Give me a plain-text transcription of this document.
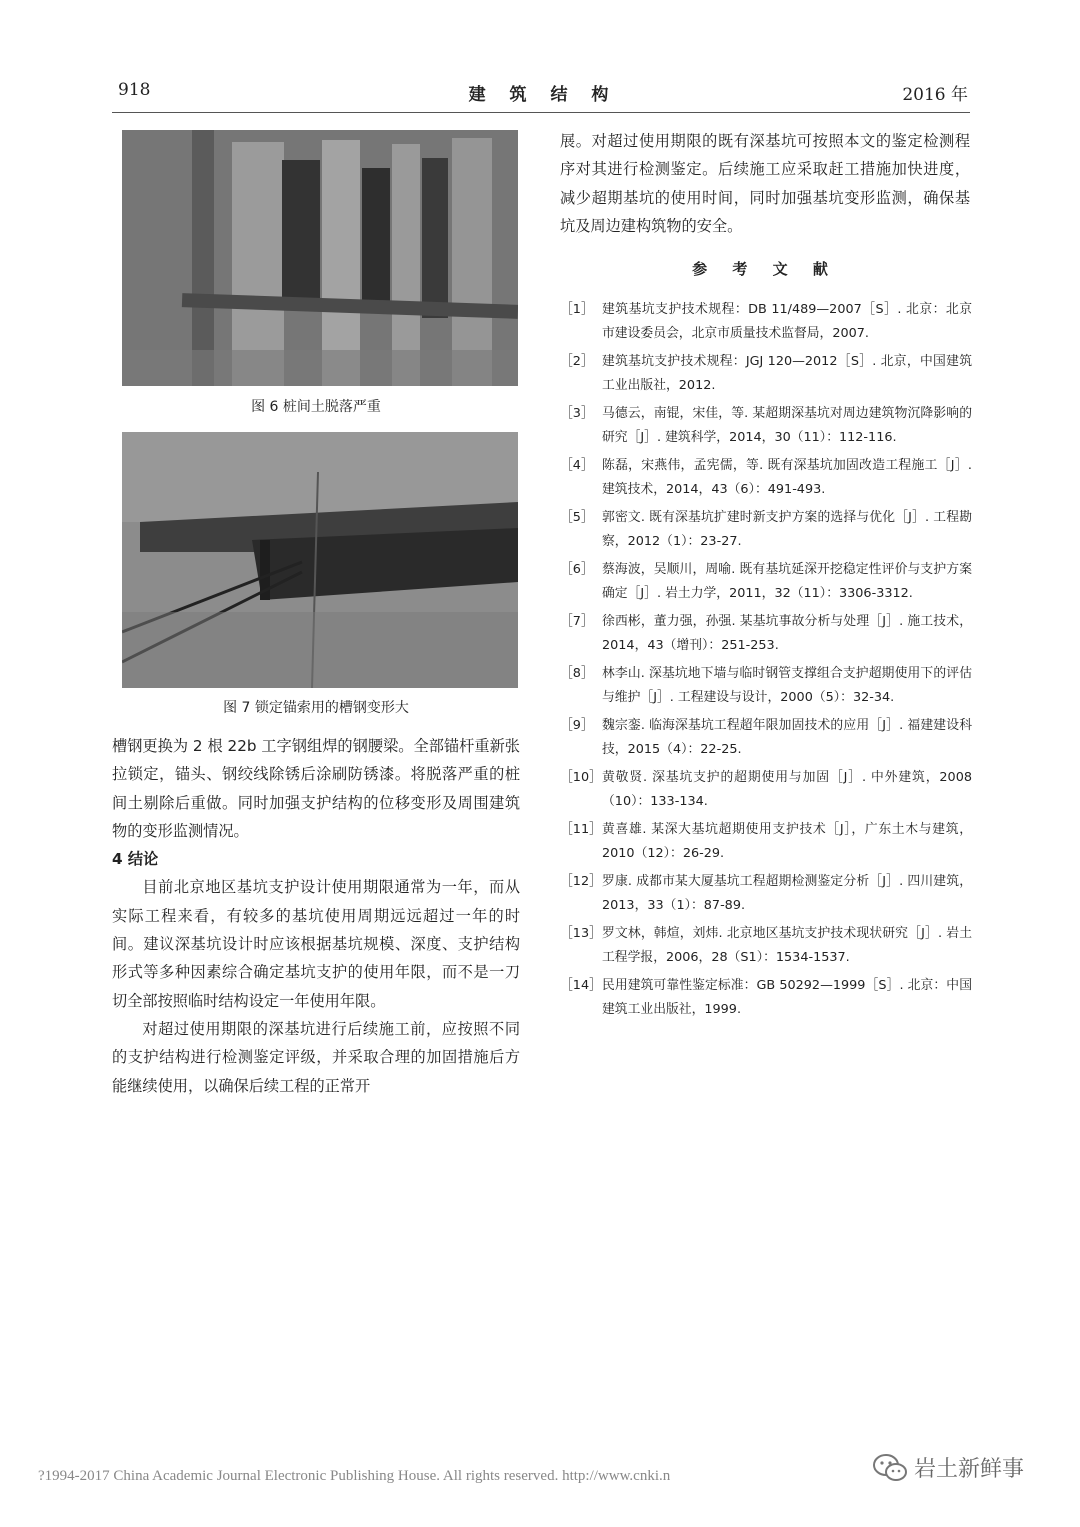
918	建 筑 结 构	2016 年
图 6 桩间土脱落严重
图 7 锁定锚索用的槽钢变形大

槽钢更换为 2 根 22b 工字钢组焊的钢腰梁。全部锚杆重新张拉锁定，锚头、钢绞线除锈后涂刷防锈漆。将脱落严重的桩间土剔除后重做。同时加强支护结构的位移变形及周围建筑物的变形监测情况。

4 结论

目前北京地区基坑支护设计使用期限通常为一年，而从实际工程来看，有较多的基坑使用周期远远超过一年的时间。建议深基坑设计时应该根据基坑规模、深度、支护结构形式等多种因素综合确定基坑支护的使用年限，而不是一刀切全部按照临时结构设定一年使用年限。

对超过使用期限的深基坑进行后续施工前，应按照不同的支护结构进行检测鉴定评级，并采取合理的加固措施后方能继续使用，以确保后续工程的正常开

展。对超过使用期限的既有深基坑可按照本文的鉴定检测程序对其进行检测鉴定。后续施工应采取赶工措施加快进度，减少超期基坑的使用时间，同时加强基坑变形监测，确保基坑及周边建构筑物的安全。

参 考 文 献
［1］ 建筑基坑支护技术规程：DB 11/489—2007［S］. 北京：北京市建设委员会，北京市质量技术监督局，2007.
［2］ 建筑基坑支护技术规程：JGJ 120—2012［S］. 北京，中国建筑工业出版社，2012.
［3］ 马德云，南锟，宋佳，等. 某超期深基坑对周边建筑物沉降影响的研究［J］. 建筑科学，2014，30（11）：112-116.
［4］ 陈磊，宋燕伟，孟宪儒，等. 既有深基坑加固改造工程施工［J］. 建筑技术，2014，43（6）：491-493.
［5］ 郭密文. 既有深基坑扩建时新支护方案的选择与优化［J］. 工程勘察，2012（1）：23-27.
［6］ 蔡海波，吴顺川，周喻. 既有基坑延深开挖稳定性评价与支护方案确定［J］. 岩土力学，2011，32（11）：3306-3312.
［7］ 徐西彬，董力强，孙强. 某基坑事故分析与处理［J］. 施工技术，2014，43（增刊）：251-253.
［8］ 林李山. 深基坑地下墙与临时钢管支撑组合支护超期使用下的评估与维护［J］. 工程建设与设计，2000（5）：32-34.
［9］ 魏宗銮. 临海深基坑工程超年限加固技术的应用［J］. 福建建设科技，2015（4）：22-25.
［10］ 黄敬贤. 深基坑支护的超期使用与加固［J］. 中外建筑，2008（10）：133-134.
［11］ 黄喜雄. 某深大基坑超期使用支护技术［J］，广东土木与建筑，2010（12）：26-29.
［12］ 罗康. 成都市某大厦基坑工程超期检测鉴定分析［J］. 四川建筑，2013，33（1）：87-89.
［13］ 罗文林，韩煊，刘炜. 北京地区基坑支护技术现状研究［J］. 岩土工程学报，2006，28（S1）：1534-1537.
［14］ 民用建筑可靠性鉴定标准：GB 50292—1999［S］. 北京：中国建筑工业出版社，1999.
?1994-2017 China Academic Journal Electronic Publishing House. All rights reserved. http://www.cnki.n	岩土新鲜事
